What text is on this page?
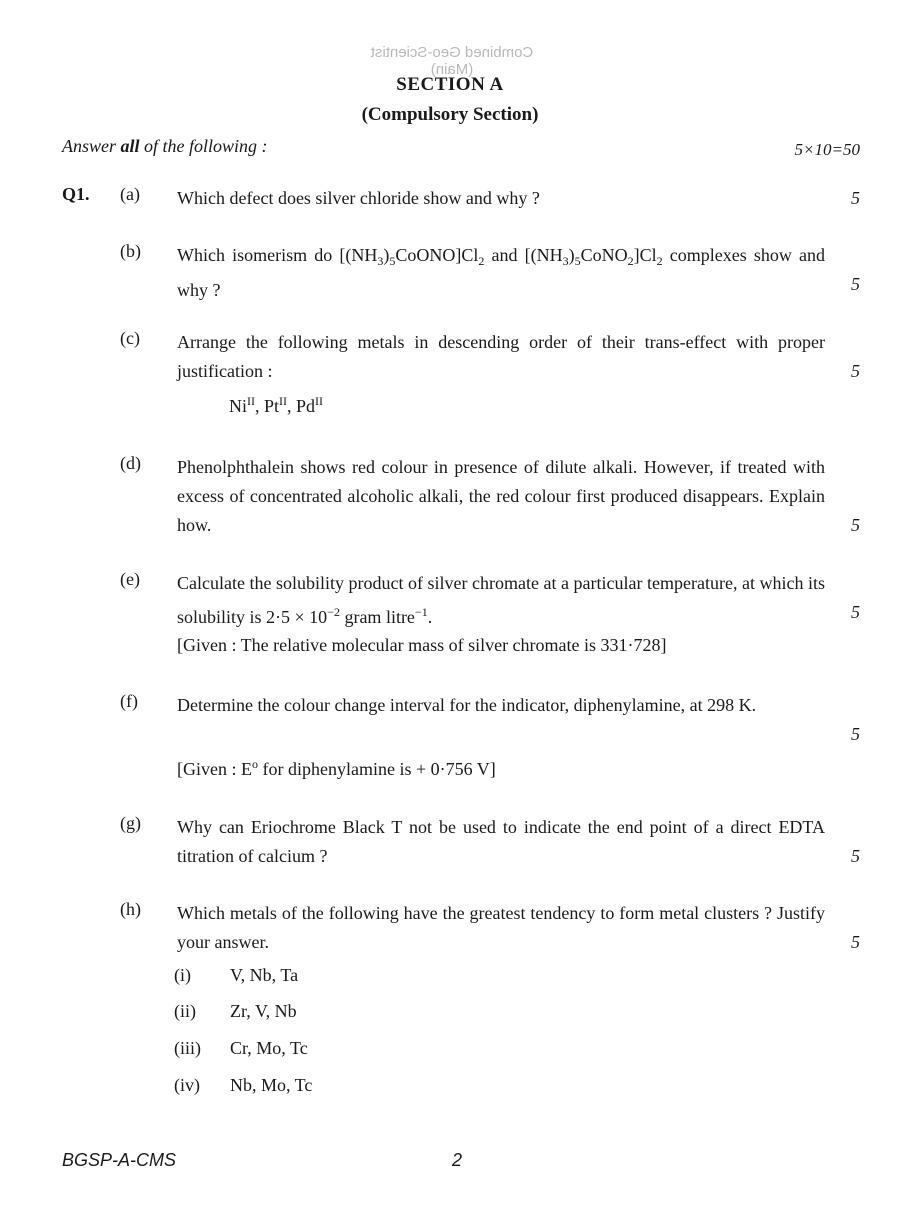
Combined Geo-Scientist (Main)
SECTION A
(Compulsory Section)
Answer all of the following :	5×10=50
Q1. (a) Which defect does silver chloride show and why ?	5
(b) Which isomerism do $[(NH_3)_5CoONO]Cl_2$ and $[(NH_3)_5CoNO_2]Cl_2$ complexes show and why ?	5
(c) Arrange the following metals in descending order of their trans-effect with proper justification :	5
$Ni^{II}$, $Pt^{II}$, $Pd^{II}$
(d) Phenolphthalein shows red colour in presence of dilute alkali. However, if treated with excess of concentrated alcoholic alkali, the red colour first produced disappears. Explain how.	5
(e) Calculate the solubility product of silver chromate at a particular temperature, at which its solubility is $2\cdot 5 \times 10^{-2}$ gram litre$^{-1}$.	5
[Given : The relative molecular mass of silver chromate is 331·728]
(f) Determine the colour change interval for the indicator, diphenylamine, at 298 K.
5
[Given : $E^o$ for diphenylamine is + 0·756 V]
(g) Why can Eriochrome Black T not be used to indicate the end point of a direct EDTA titration of calcium ?	5
(h) Which metals of the following have the greatest tendency to form metal clusters ? Justify your answer.	5
(i) V, Nb, Ta
(ii) Zr, V, Nb
(iii) Cr, Mo, Tc
(iv) Nb, Mo, Tc
BGSP-A-CMS	2
